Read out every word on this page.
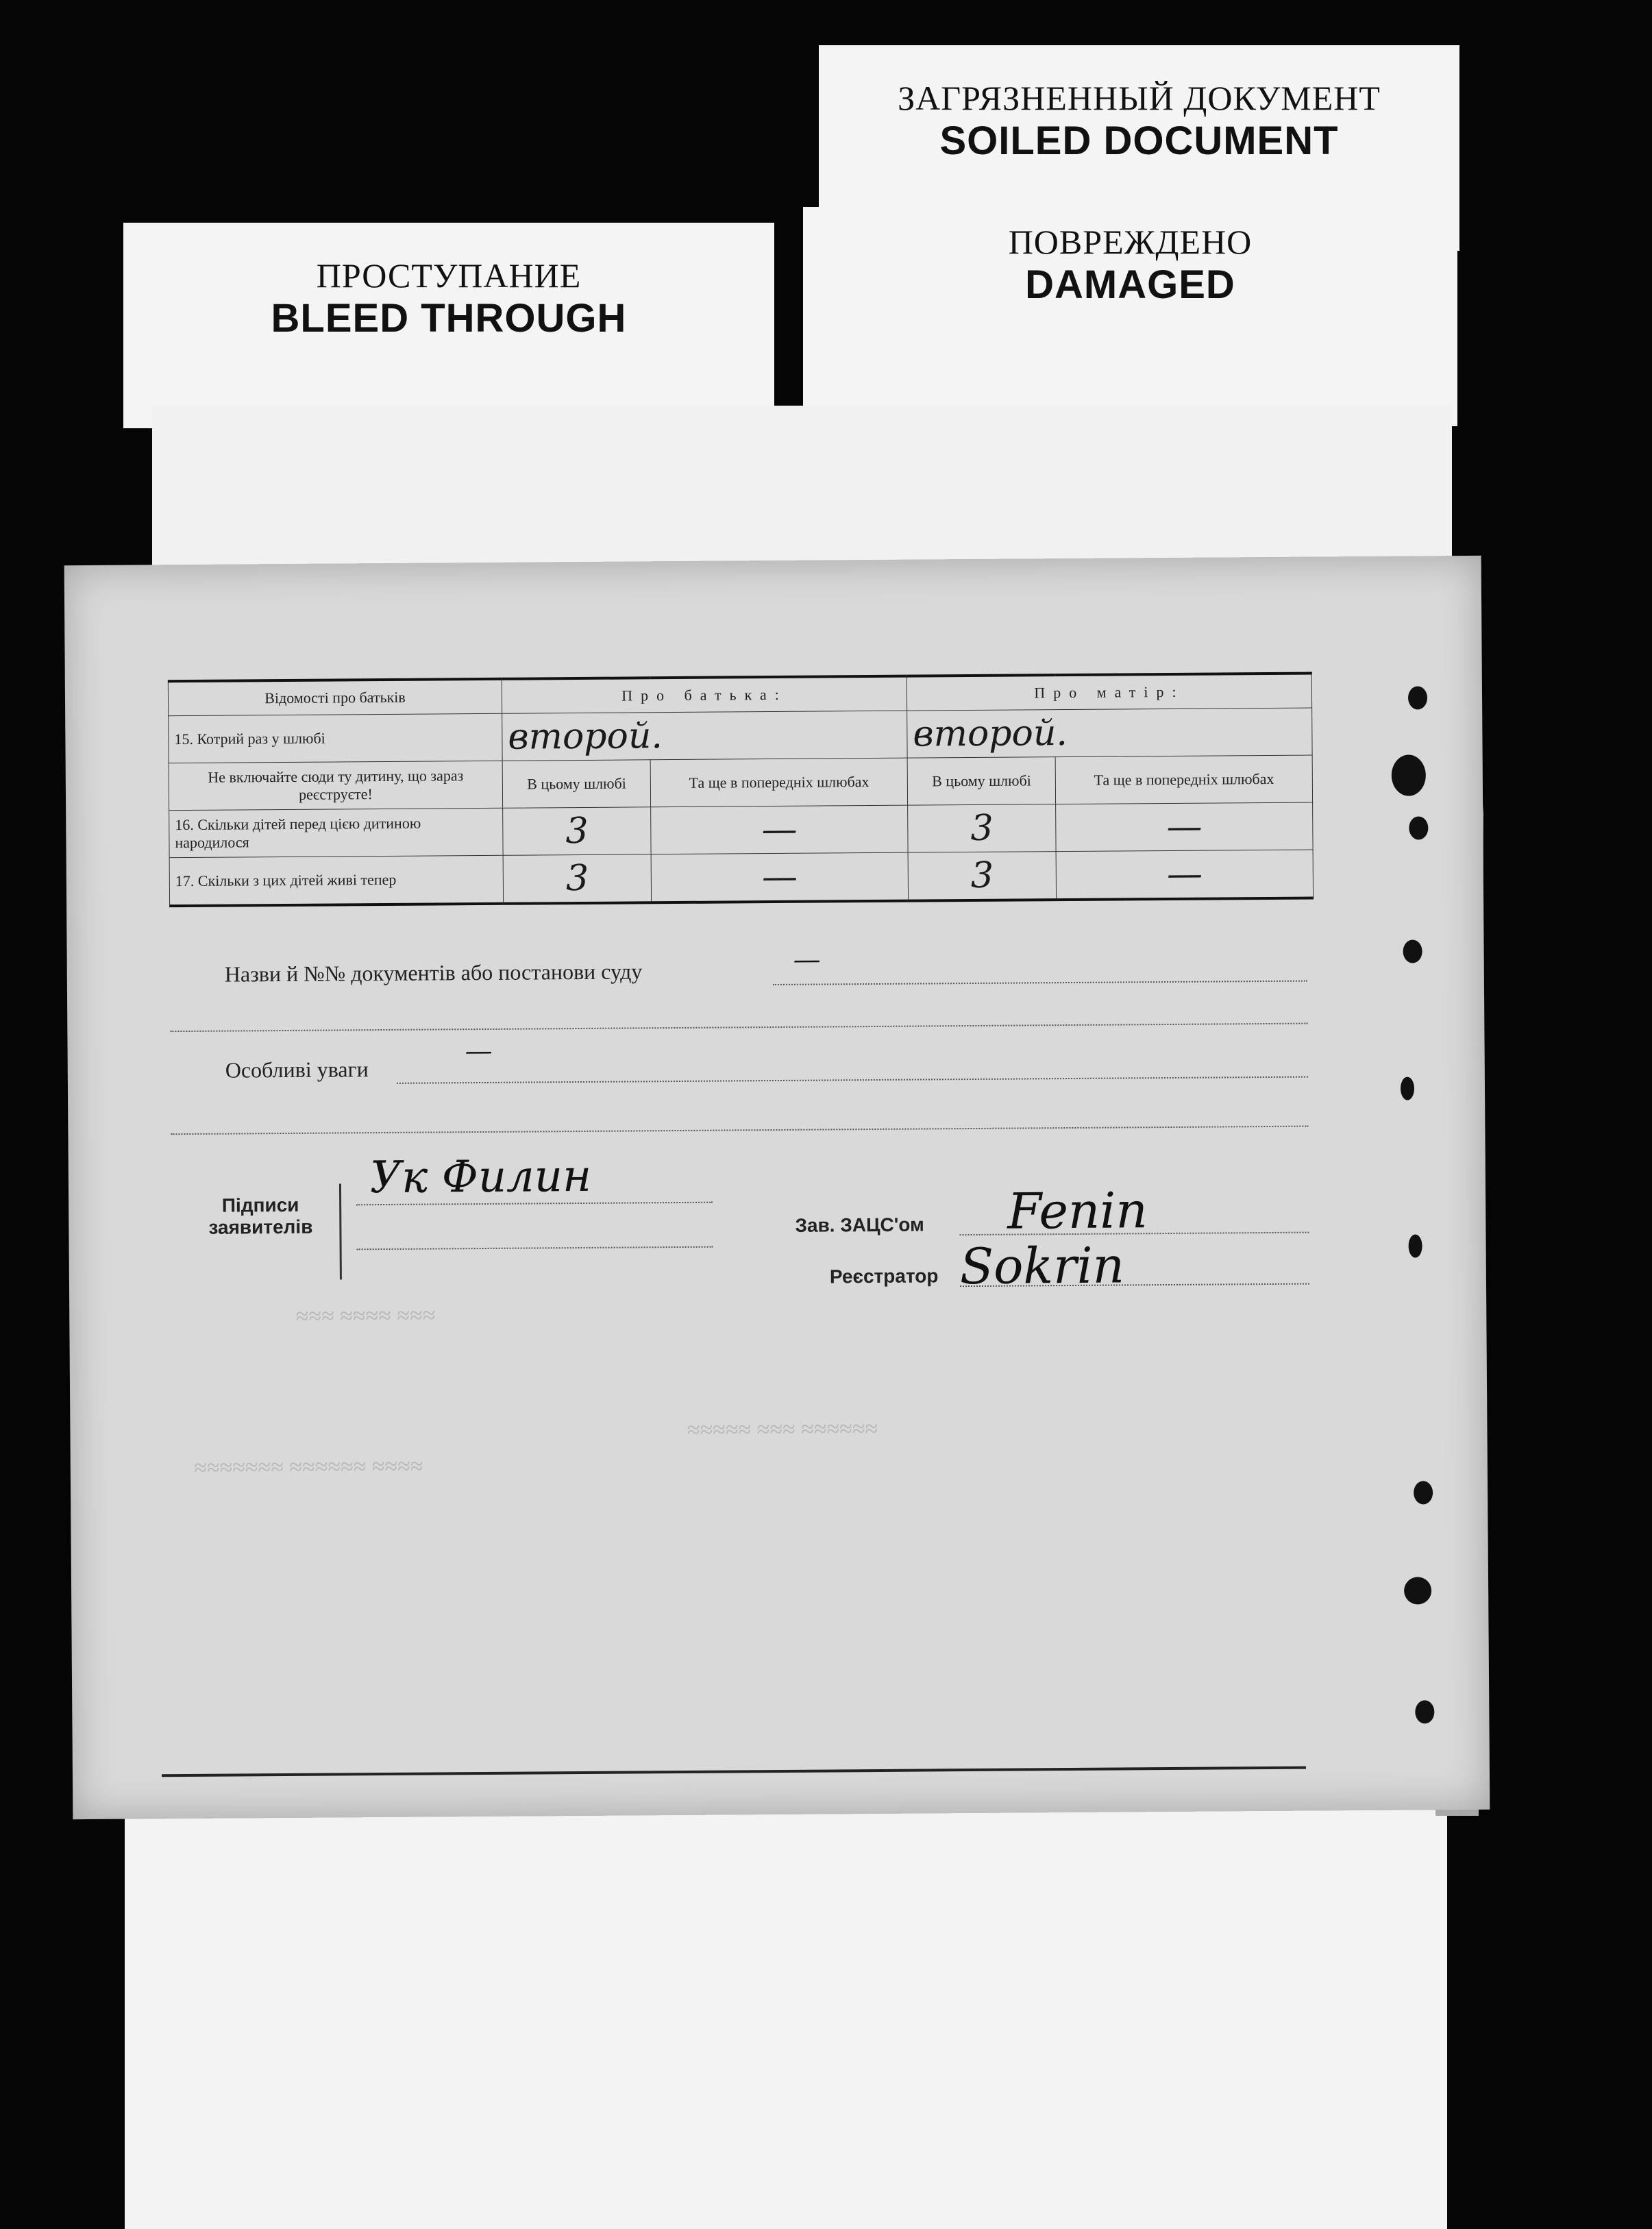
ЗАГРЯЗНЕННЫЙ ДОКУМЕНТ
SOILED DOCUMENT
ПОВРЕЖДЕНО
DAMAGED
ПРОСТУПАНИЕ
BLEED THROUGH
≈≈≈ ≈≈≈≈ ≈≈≈
≈≈≈≈≈≈≈ ≈≈≈≈≈≈ ≈≈≈≈
≈≈≈≈≈ ≈≈≈ ≈≈≈≈≈≈
Відомості про батьків	Про батька:		Про матір:	
15. Котрий раз у шлюбі	второй.		второй.	
Не включайте сюди ту дитину, що зараз реєструєте!	В цьому шлюбі	Та ще в попередніх шлюбах	В цьому шлюбі	Та ще в попередніх шлюбах
16. Скільки дітей перед цією дитиною народилося	3	—	3	—
17. Скільки з цих дітей живі тепер	3	—	3	—
Назви й №№ документів або постанови суду	—
Особливі уваги
—
Підписи заявителів
Ук Филин
Зав. ЗАЦС'ом Fenin
Реєстратор Sokrin
